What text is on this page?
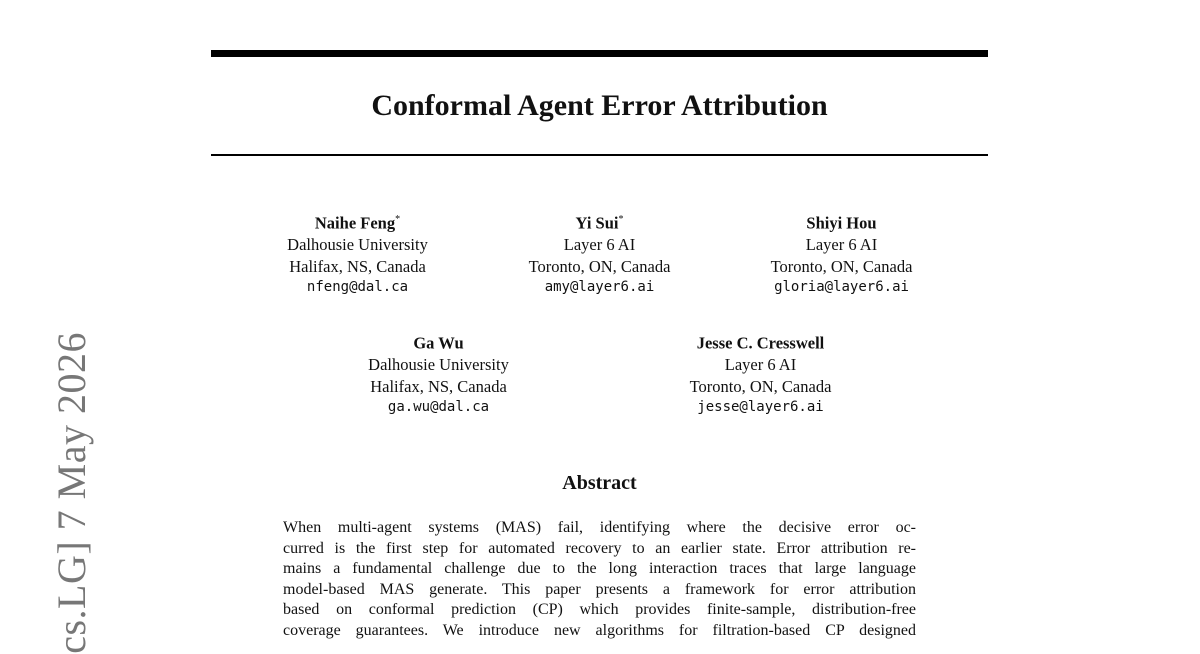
cs.LG] 7 May 2026
Conformal Agent Error Attribution
Naihe Feng*
Dalhousie University
Halifax, NS, Canada
nfeng@dal.ca
Yi Sui*
Layer 6 AI
Toronto, ON, Canada
amy@layer6.ai
Shiyi Hou
Layer 6 AI
Toronto, ON, Canada
gloria@layer6.ai
Ga Wu
Dalhousie University
Halifax, NS, Canada
ga.wu@dal.ca
Jesse C. Cresswell
Layer 6 AI
Toronto, ON, Canada
jesse@layer6.ai
Abstract
When multi-agent systems (MAS) fail, identifying where the decisive error oc-
curred is the first step for automated recovery to an earlier state. Error attribution re-
mains a fundamental challenge due to the long interaction traces that large language
model-based MAS generate. This paper presents a framework for error attribution
based on conformal prediction (CP) which provides finite-sample, distribution-free
coverage guarantees. We introduce new algorithms for filtration-based CP designed
